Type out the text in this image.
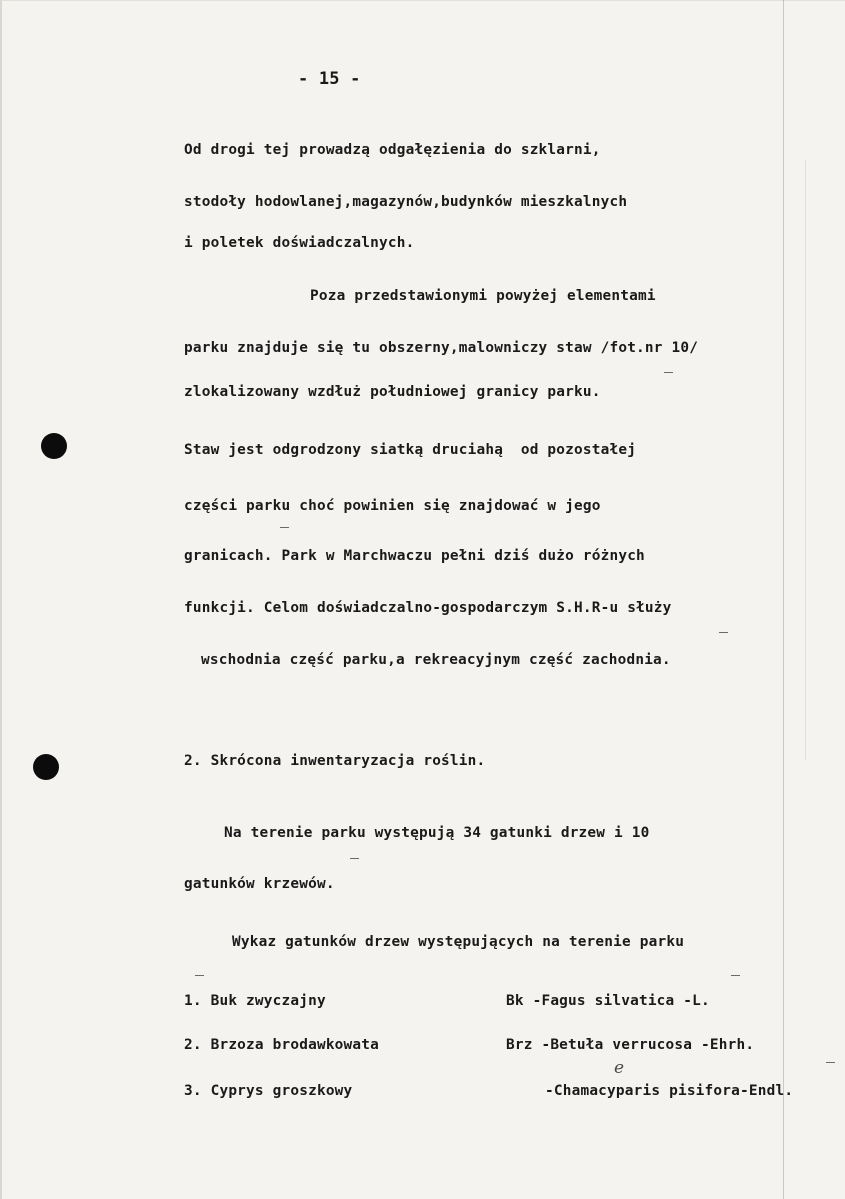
- 15 -
Od drogi tej prowadzą odgałęzienia do szklarni,
stodoły hodowlanej,magazynów,budynków mieszkalnych
i poletek doświadczalnych.
Poza przedstawionymi powyżej elementami
parku znajduje się tu obszerny,malowniczy staw /fot.nr 10/
zlokalizowany wzdłuż południowej granicy parku.
Staw jest odgrodzony siatką druciahą  od pozostałej
części parku choć powinien się znajdować w jego
granicach. Park w Marchwaczu pełni dziś dużo różnych
funkcji. Celom doświadczalno-gospodarczym S.H.R-u służy
wschodnia część parku,a rekreacyjnym część zachodnia.
2. Skrócona inwentaryzacja roślin.
Na terenie parku występują 34 gatunki drzew i 10
gatunków krzewów.
Wykaz gatunków drzew występujących na terenie parku
1. Buk zwyczajny	Bk -Fagus silvatica -L.
2. Brzoza brodawkowata	Brz -Betuła verrucosa -Ehrh.
3. Cyprys groszkowy	-Chamacyparis pisifora-Endl.
e
